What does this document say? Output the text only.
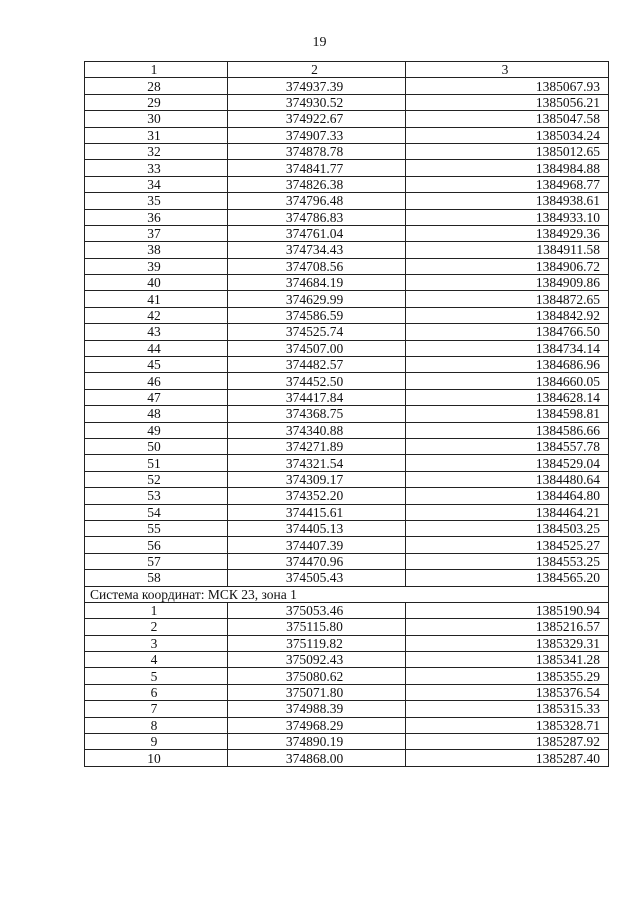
19
1	2	3
28	374937.39	1385067.93
29	374930.52	1385056.21
30	374922.67	1385047.58
31	374907.33	1385034.24
32	374878.78	1385012.65
33	374841.77	1384984.88
34	374826.38	1384968.77
35	374796.48	1384938.61
36	374786.83	1384933.10
37	374761.04	1384929.36
38	374734.43	1384911.58
39	374708.56	1384906.72
40	374684.19	1384909.86
41	374629.99	1384872.65
42	374586.59	1384842.92
43	374525.74	1384766.50
44	374507.00	1384734.14
45	374482.57	1384686.96
46	374452.50	1384660.05
47	374417.84	1384628.14
48	374368.75	1384598.81
49	374340.88	1384586.66
50	374271.89	1384557.78
51	374321.54	1384529.04
52	374309.17	1384480.64
53	374352.20	1384464.80
54	374415.61	1384464.21
55	374405.13	1384503.25
56	374407.39	1384525.27
57	374470.96	1384553.25
58	374505.43	1384565.20
Система координат: МСК 23, зона 1		
1	375053.46	1385190.94
2	375115.80	1385216.57
3	375119.82	1385329.31
4	375092.43	1385341.28
5	375080.62	1385355.29
6	375071.80	1385376.54
7	374988.39	1385315.33
8	374968.29	1385328.71
9	374890.19	1385287.92
10	374868.00	1385287.40
